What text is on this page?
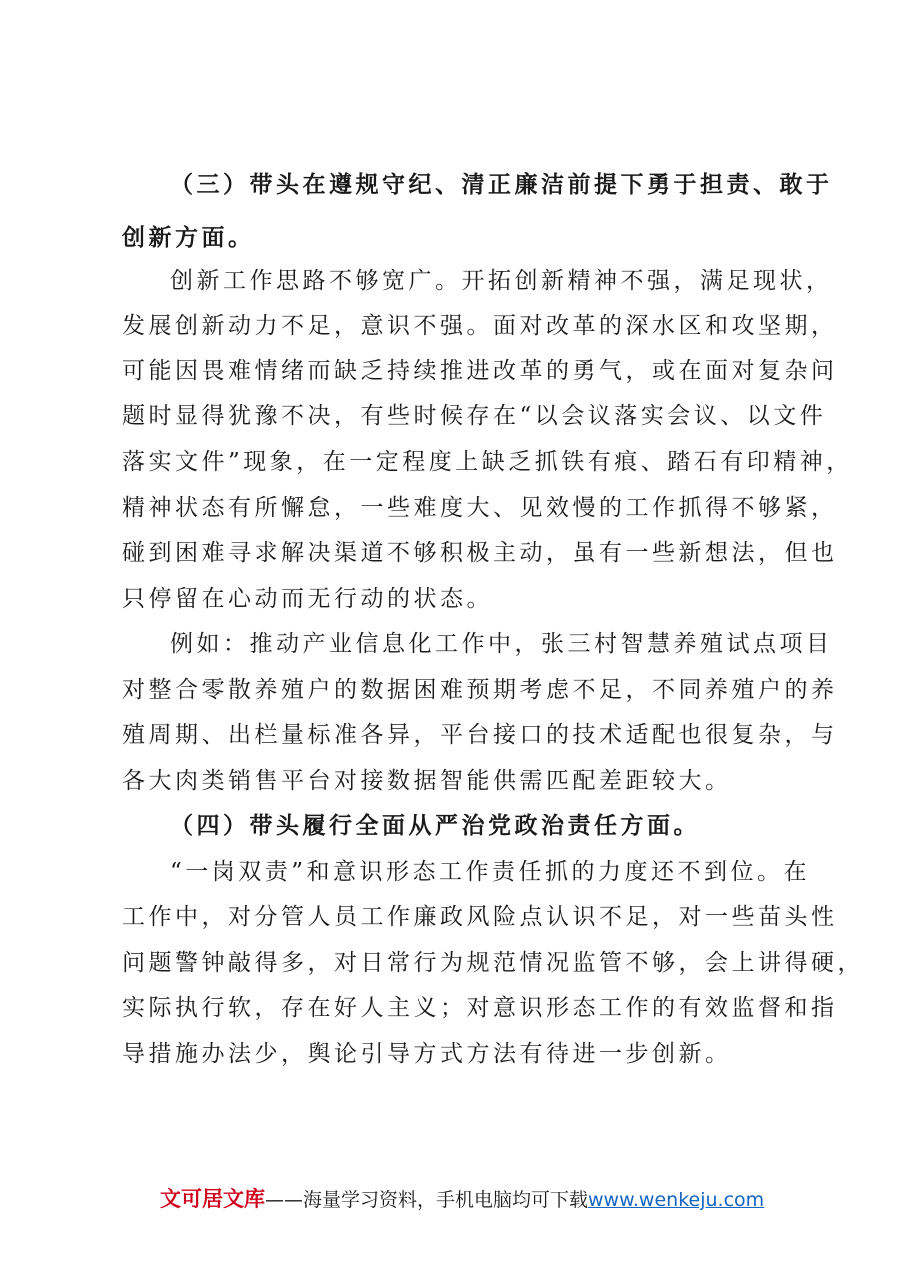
（三）带头在遵规守纪、清正廉洁前提下勇于担责、敢于
创新方面。
创新工作思路不够宽广。开拓创新精神不强，满足现状，
发展创新动力不足，意识不强。面对改革的深水区和攻坚期，
可能因畏难情绪而缺乏持续推进改革的勇气，或在面对复杂问
题时显得犹豫不决，有些时候存在“以会议落实会议、以文件
落实文件”现象，在一定程度上缺乏抓铁有痕、踏石有印精神，
精神状态有所懈怠，一些难度大、见效慢的工作抓得不够紧，
碰到困难寻求解决渠道不够积极主动，虽有一些新想法，但也
只停留在心动而无行动的状态。
例如：推动产业信息化工作中，张三村智慧养殖试点项目
对整合零散养殖户的数据困难预期考虑不足，不同养殖户的养
殖周期、出栏量标准各异，平台接口的技术适配也很复杂，与
各大肉类销售平台对接数据智能供需匹配差距较大。
（四）带头履行全面从严治党政治责任方面。
“一岗双责”和意识形态工作责任抓的力度还不到位。在
工作中，对分管人员工作廉政风险点认识不足，对一些苗头性
问题警钟敲得多，对日常行为规范情况监管不够，会上讲得硬，
实际执行软，存在好人主义；对意识形态工作的有效监督和指
导措施办法少，舆论引导方式方法有待进一步创新。
文可居文库——海量学习资料，手机电脑均可下载www.wenkeju.com
